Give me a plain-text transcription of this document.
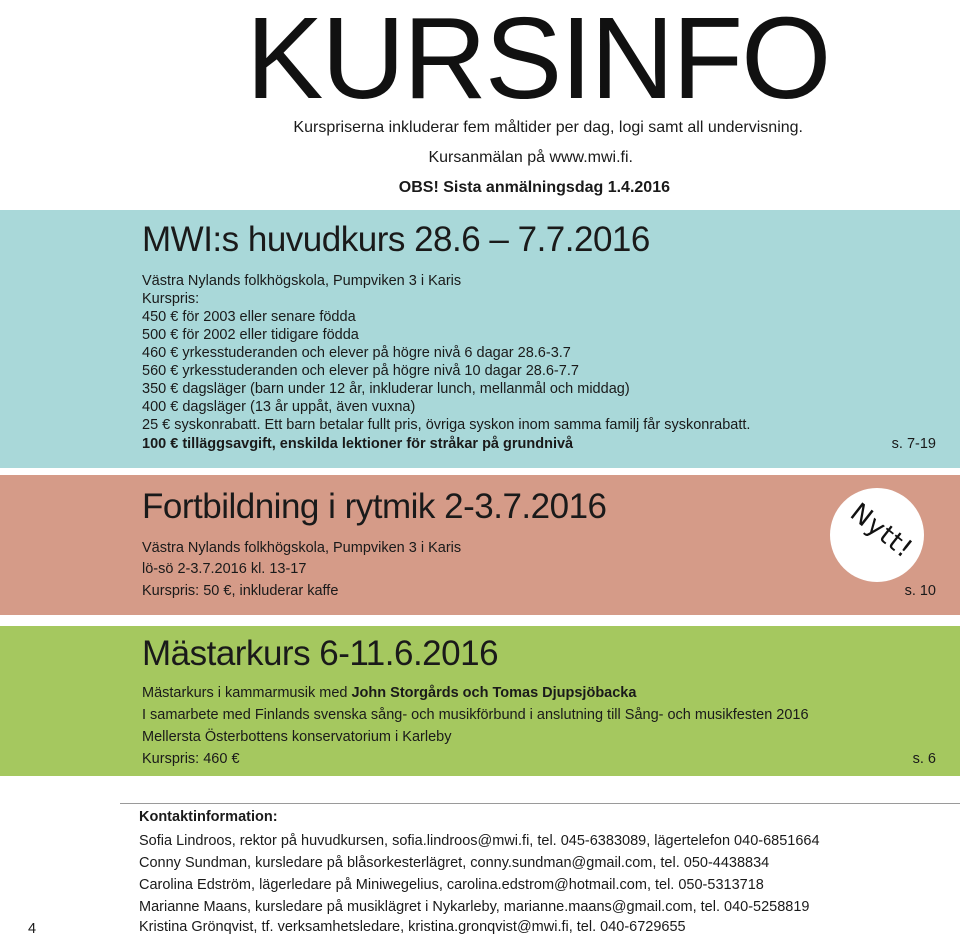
KURSINFO
Kurspriserna inkluderar fem måltider per dag, logi samt all undervisning.
Kursanmälan på www.mwi.fi.
OBS! Sista anmälningsdag 1.4.2016
MWI:s huvudkurs 28.6 – 7.7.2016
Västra Nylands folkhögskola, Pumpviken 3 i Karis
Kurspris:
450 € för 2003 eller senare födda
500 € för 2002 eller tidigare födda
460 € yrkesstuderanden och elever på högre nivå 6 dagar 28.6-3.7
560 € yrkesstuderanden och elever på högre nivå 10 dagar 28.6-7.7
350 € dagsläger (barn under 12 år, inkluderar lunch, mellanmål och middag)
400 € dagsläger (13 år uppåt, även vuxna)
25 € syskonrabatt. Ett barn betalar fullt pris, övriga syskon inom samma familj får syskonrabatt.
100 € tilläggsavgift, enskilda lektioner för stråkar på grundnivå	s. 7-19
Fortbildning i rytmik 2-3.7.2016	Nytt!
Västra Nylands folkhögskola, Pumpviken 3 i Karis
lö-sö 2-3.7.2016 kl. 13-17
Kurspris: 50 €, inkluderar kaffe	s. 10
Mästarkurs 6-11.6.2016
Mästarkurs i kammarmusik med John Storgårds och Tomas Djupsjöbacka
I samarbete med Finlands svenska sång- och musikförbund i anslutning till Sång- och musikfesten 2016
Mellersta Österbottens konservatorium i Karleby
Kurspris: 460 €	s. 6
Kontaktinformation:
Sofia Lindroos, rektor på huvudkursen, sofia.lindroos@mwi.fi, tel. 045-6383089, lägertelefon 040-6851664
Conny Sundman, kursledare på blåsorkesterlägret, conny.sundman@gmail.com, tel. 050-4438834
Carolina Edström, lägerledare på Miniwegelius, carolina.edstrom@hotmail.com, tel. 050-5313718
Marianne Maans, kursledare på musiklägret i Nykarleby, marianne.maans@gmail.com, tel. 040-5258819
Kristina Grönqvist, tf. verksamhetsledare, kristina.gronqvist@mwi.fi, tel. 040-6729655
4
